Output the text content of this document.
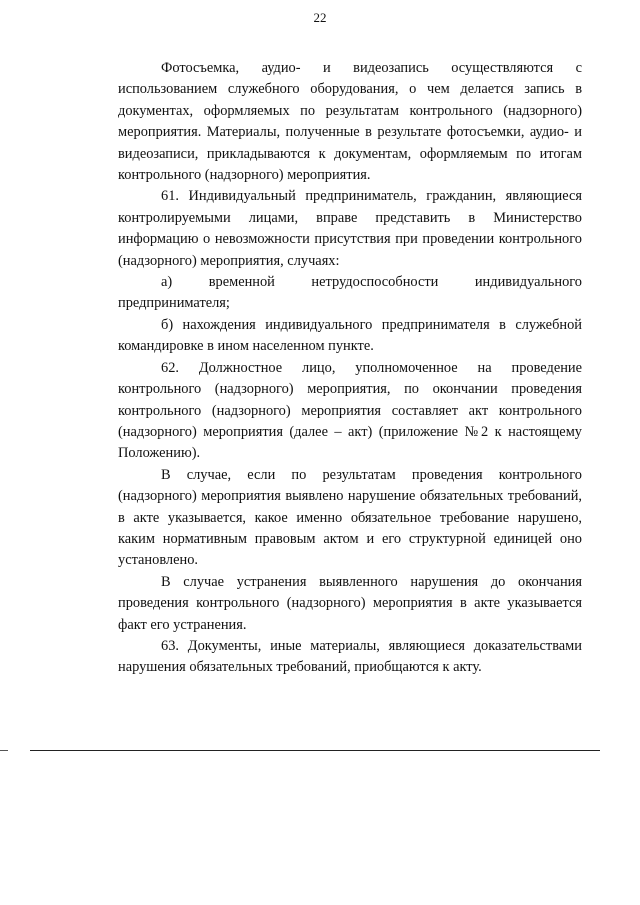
22

Фотосъемка, аудио- и видеозапись осуществляются с использованием служебного оборудования, о чем делается запись в документах, оформляемых по результатам контрольного (надзорного) мероприятия. Материалы, полученные в результате фотосъемки, аудио- и видеозаписи, прикладываются к документам, оформляемым по итогам контрольного (надзорного) мероприятия.

61. Индивидуальный предприниматель, гражданин, являющиеся контролируемыми лицами, вправе представить в Министерство информацию о невозможности присутствия при проведении контрольного (надзорного) мероприятия, случаях:

а) временной нетрудоспособности индивидуального предпринимателя;

б) нахождения индивидуального предпринимателя в служебной командировке в ином населенном пункте.

62. Должностное лицо, уполномоченное на проведение контрольного (надзорного) мероприятия, по окончании проведения контрольного (надзорного) мероприятия составляет акт контрольного (надзорного) мероприятия (далее – акт) (приложение №2 к настоящему Положению).

В случае, если по результатам проведения контрольного (надзорного) мероприятия выявлено нарушение обязательных требований, в акте указывается, какое именно обязательное требование нарушено, каким нормативным правовым актом и его структурной единицей оно установлено.

В случае устранения выявленного нарушения до окончания проведения контрольного (надзорного) мероприятия в акте указывается факт его устранения.

63. Документы, иные материалы, являющиеся доказательствами нарушения обязательных требований, приобщаются к акту.
